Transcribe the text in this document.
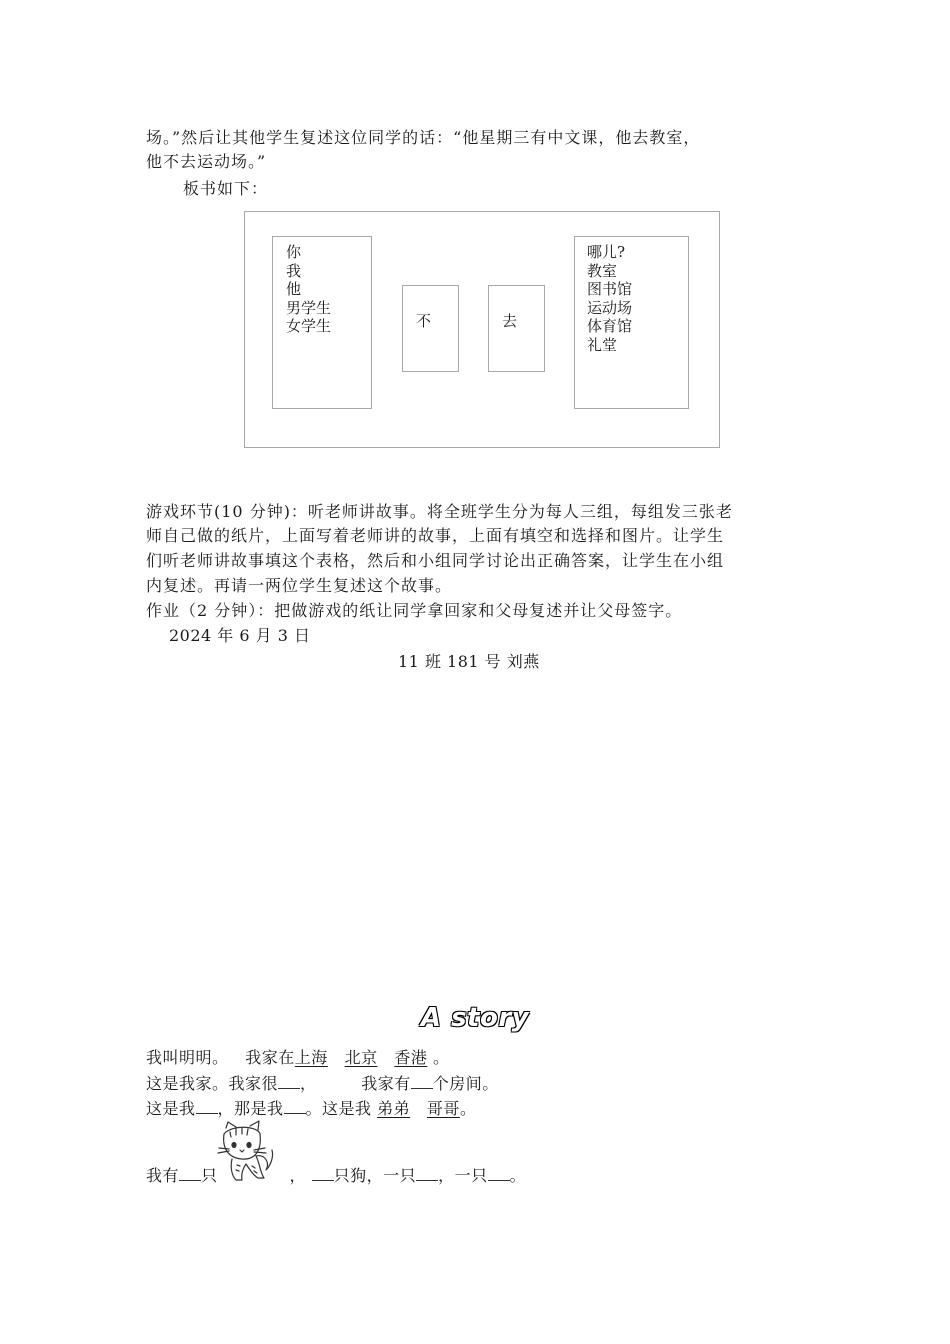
场。”然后让其他学生复述这位同学的话：“他星期三有中文课，他去教室，
他不去运动场。”
板书如下：
你
我
他
男学生
女学生	不	去
哪儿?
教室
图书馆
运动场
体育馆
礼堂
游戏环节(10 分钟)：听老师讲故事。将全班学生分为每人三组，每组发三张老
师自己做的纸片，上面写着老师讲的故事，上面有填空和选择和图片。让学生
们听老师讲故事填这个表格，然后和小组同学讨论出正确答案，让学生在小组
内复述。再请一两位学生复述这个故事。
作业（2 分钟）：把做游戏的纸让同学拿回家和父母复述并让父母签字。
2024 年 6 月 3 日
11 班 181 号 刘燕
A story
我叫明明。 我家在上海 北京 香港 。
这是我家。我家很 ，	我家有 个房间。
这是我 ，那是我 。这是我 弟弟 哥哥。
我有 只	， 只狗，一只 ，一只 。
